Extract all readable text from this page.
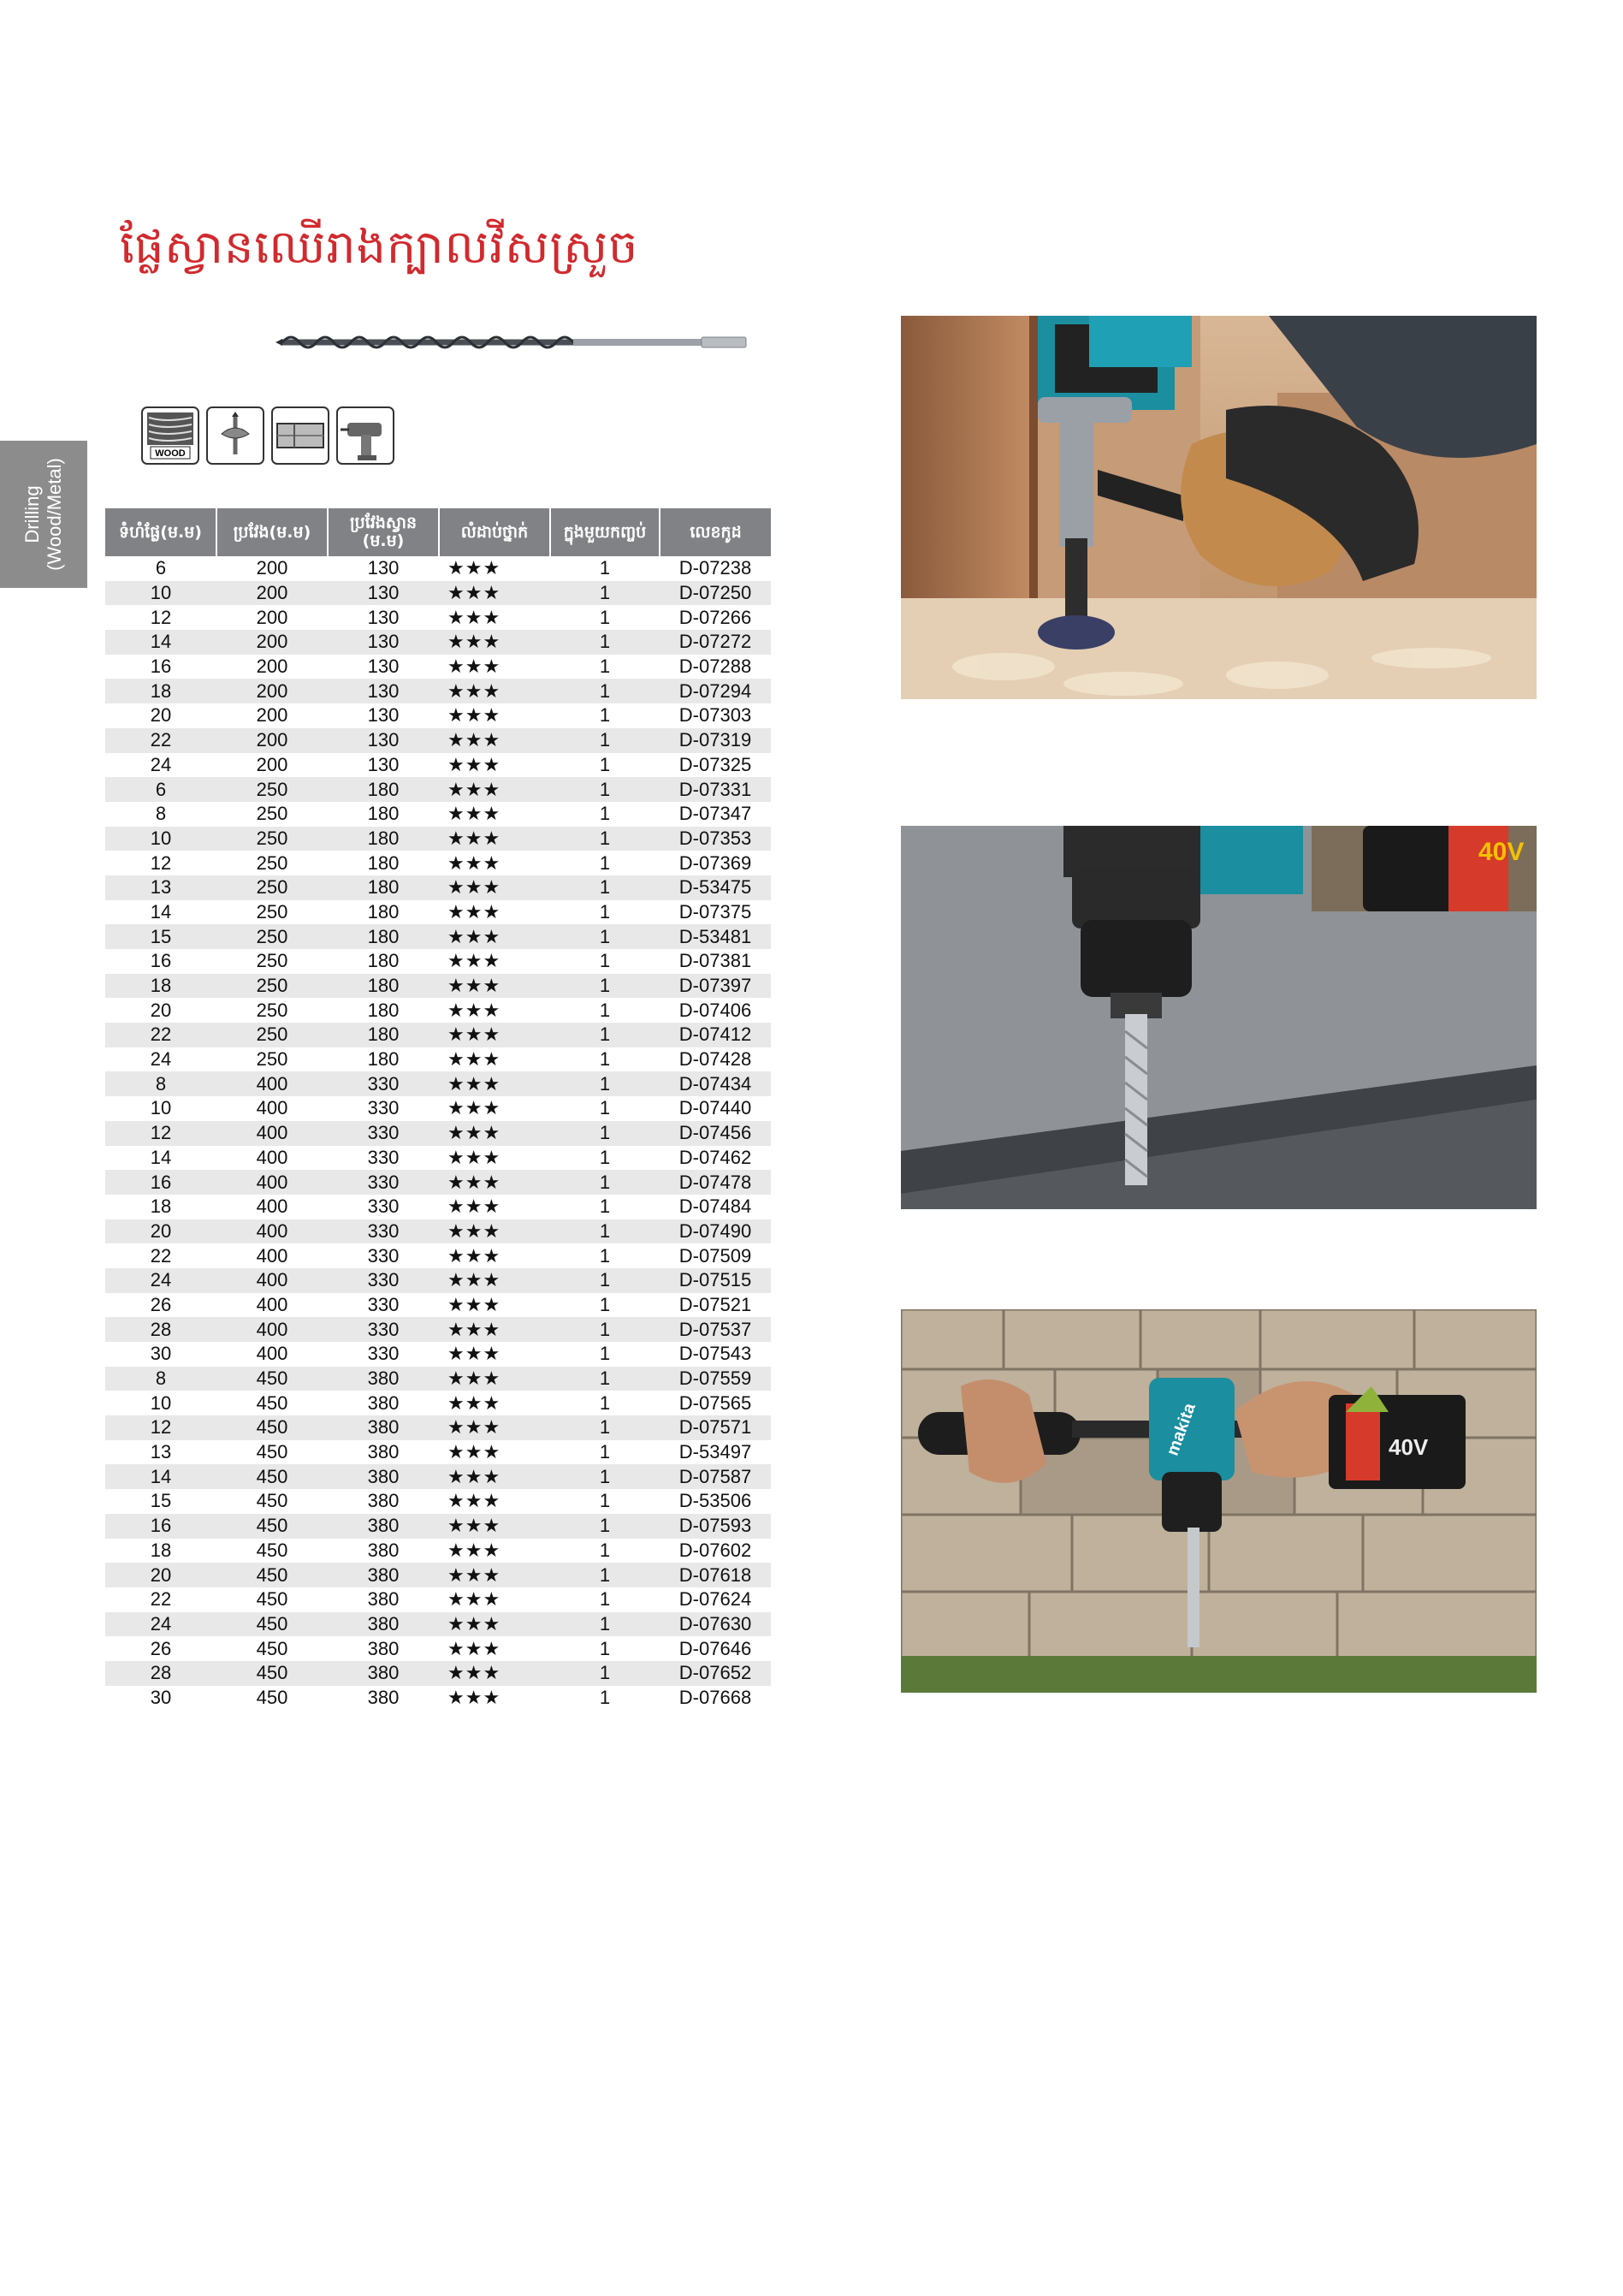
ផ្លែស្វានឈើរាងក្បាលវីសស្រួច
Drilling
(Wood/Metal)
WOOD
ទំហំផ្លែ(ម.ម)	ប្រវែង(ម.ម)	ប្រវែងស្វាន (ម.ម)	លំដាប់ថ្នាក់	ក្នុងមួយកញ្ចប់	លេខកូដ
6	200	130	★★★	1	D-07238
10	200	130	★★★	1	D-07250
12	200	130	★★★	1	D-07266
14	200	130	★★★	1	D-07272
16	200	130	★★★	1	D-07288
18	200	130	★★★	1	D-07294
20	200	130	★★★	1	D-07303
22	200	130	★★★	1	D-07319
24	200	130	★★★	1	D-07325
6	250	180	★★★	1	D-07331
8	250	180	★★★	1	D-07347
10	250	180	★★★	1	D-07353
12	250	180	★★★	1	D-07369
13	250	180	★★★	1	D-53475
14	250	180	★★★	1	D-07375
15	250	180	★★★	1	D-53481
16	250	180	★★★	1	D-07381
18	250	180	★★★	1	D-07397
20	250	180	★★★	1	D-07406
22	250	180	★★★	1	D-07412
24	250	180	★★★	1	D-07428
8	400	330	★★★	1	D-07434
10	400	330	★★★	1	D-07440
12	400	330	★★★	1	D-07456
14	400	330	★★★	1	D-07462
16	400	330	★★★	1	D-07478
18	400	330	★★★	1	D-07484
20	400	330	★★★	1	D-07490
22	400	330	★★★	1	D-07509
24	400	330	★★★	1	D-07515
26	400	330	★★★	1	D-07521
28	400	330	★★★	1	D-07537
30	400	330	★★★	1	D-07543
8	450	380	★★★	1	D-07559
10	450	380	★★★	1	D-07565
12	450	380	★★★	1	D-07571
13	450	380	★★★	1	D-53497
14	450	380	★★★	1	D-07587
15	450	380	★★★	1	D-53506
16	450	380	★★★	1	D-07593
18	450	380	★★★	1	D-07602
20	450	380	★★★	1	D-07618
22	450	380	★★★	1	D-07624
24	450	380	★★★	1	D-07630
26	450	380	★★★	1	D-07646
28	450	380	★★★	1	D-07652
30	450	380	★★★	1	D-07668
40V
40V
makita
